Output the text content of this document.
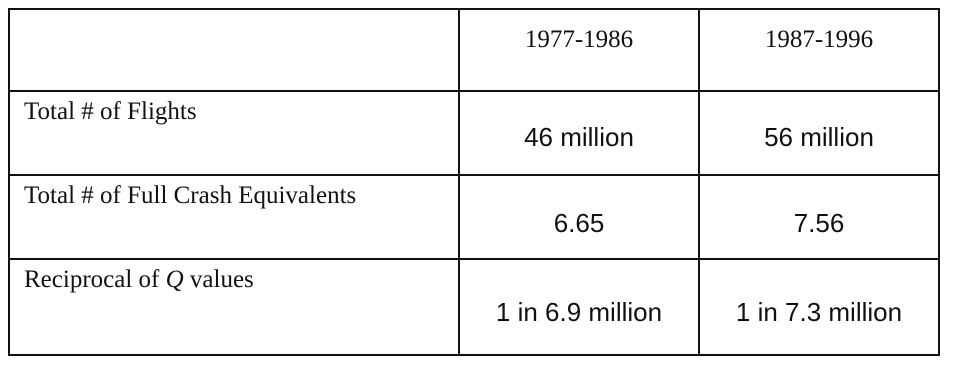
	1977-1986	1987-1996
Total # of Flights	46 million	56 million
Total # of Full Crash Equivalents	6.65	7.56
Reciprocal of Q values	1 in 6.9 million	1 in 7.3 million
